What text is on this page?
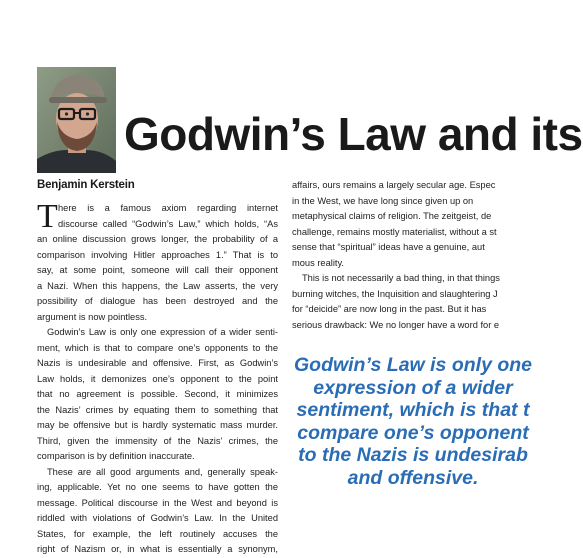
Godwin’s Law and its
Benjamin Kerstein

T here is a famous axiom regarding internet
discourse called “Godwin’s Law,” which holds, “As
an online discussion grows longer, the probability of a
comparison involving Hitler approaches 1.” That is to
say, at some point, someone will call their opponent
a Nazi. When this happens, the Law asserts, the very
possibility of dialogue has been destroyed and the
argument is now pointless.

Godwin’s Law is only one expression of a wider senti-
ment, which is that to compare one’s opponents to the
Nazis is undesirable and offensive. First, as Godwin’s
Law holds, it demonizes one’s opponent to the point
that no agreement is possible. Second, it minimizes
the Nazis’ crimes by equating them to something that
may be offensive but is hardly systematic mass murder.
Third, given the immensity of the Nazis’ crimes, the
comparison is by definition inaccurate.

These are all good arguments and, generally speak-
ing, applicable. Yet no one seems to have gotten the
message. Political discourse in the West and beyond is
riddled with violations of Godwin’s Law. In the United
States, for example, the left routinely accuses the
right of Nazism or, in what is essentially a synonym,

affairs, ours remains a largely secular age. Espec
in the West, we have long since given up on
metaphysical claims of religion. The zeitgeist, de
challenge, remains mostly materialist, without a st
sense that “spiritual” ideas have a genuine, aut
mous reality.

This is not necessarily a bad thing, in that things
burning witches, the Inquisition and slaughtering J
for “deicide” are now long in the past. But it has
serious drawback: We no longer have a word for e

Godwin’s Law is only one
expression of a wider
sentiment, which is that t
compare one’s opponent
to the Nazis is undesirab
and offensive.
